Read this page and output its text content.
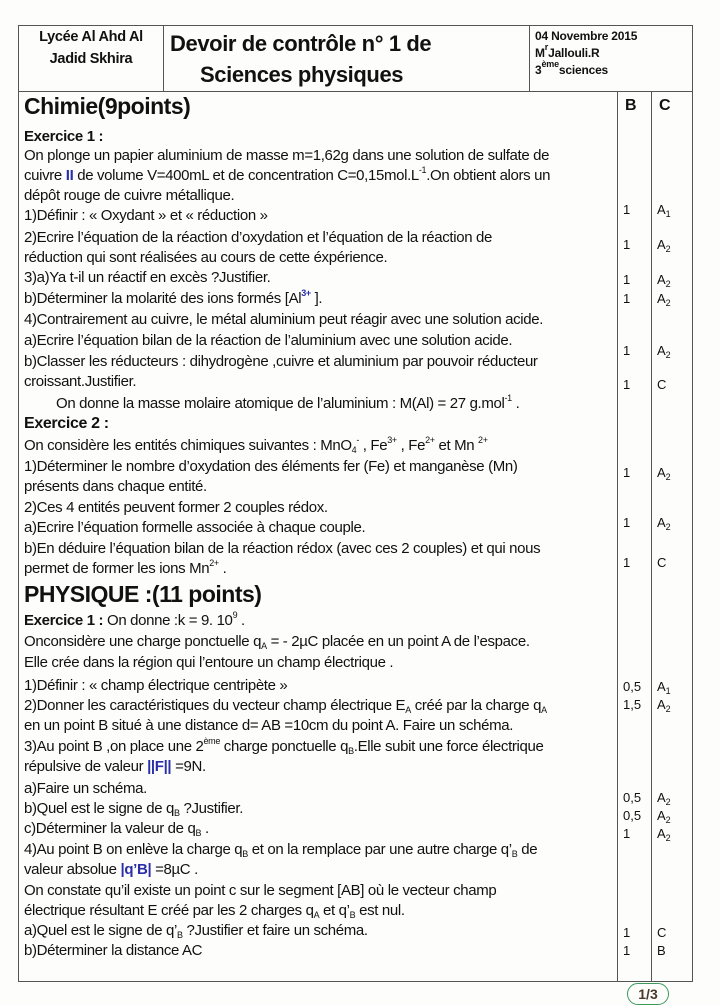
Lycée Al Ahd Al
Jadid Skhira
Devoir de contrôle n° 1 de
Sciences physiques
04 Novembre 2015
$M^rJallouli.R$
3èmesciences
B C
Chimie(9points)
Exercice 1 :
On plonge un papier aluminium de masse m=1,62g dans une solution de sulfate de
cuivre II de volume V=400mL et de concentration $C=0,15mol.L^{-1}.On$ obtient alors un
dépôt rouge de cuivre métallique.
1)Définir : « Oxydant » et « réduction »
2)Ecrire l’équation de la réaction d’oxydation et l’équation de la réaction de
réduction qui sont réalisées au cours de cette éxpérience.
3)a)Ya t-il un réactif en excès ?Justifier.
b)Déterminer la molarité des ions formés [$Al^{3+}$ ].
4)Contrairement au cuivre, le métal aluminium peut réagir avec une solution acide.
a)Ecrire l’équation bilan de la réaction de l’aluminium avec une solution acide.
b)Classer les réducteurs : dihydrogène ,cuivre et aluminium par pouvoir réducteur
croissant.Justifier.
On donne la masse molaire atomique de l’aluminium : M(Al) = 27 g.mol$^{-1}$ .
Exercice 2 :
On considère les entités chimiques suivantes : MnO$_4$- , $Fe^{3+}$ , $Fe^{2+}$ et Mn $^{2+}$
1)Déterminer le nombre d’oxydation des éléments fer (Fe) et manganèse (Mn)
présents dans chaque entité.
2)Ces 4 entités peuvent former 2 couples rédox.
a)Ecrire l’équation formelle associée à chaque couple.
b)En déduire l’équation bilan de la réaction rédox (avec ces 2 couples) et qui nous
permet de former les ions $Mn^{2+}$ .
PHYSIQUE :(11 points)
Exercice 1 : On donne :k = 9. $10^9$ .
Onconsidère une charge ponctuelle $q_A$ = - 2µC placée en un point A de l’espace.
Elle crée dans la région qui l’entoure un champ électrique .
1)Définir : « champ électrique centripète »
2)Donner les caractéristiques du vecteur champ électrique $E_A$ créé par la charge $q_A$
en un point B situé à une distance d= AB =10cm du point A. Faire un schéma.
3)Au point B ,on place une 2ème charge ponctuelle $q_B.Elle$ subit une force électrique
répulsive de valeur ||F|| =9N.
a)Faire un schéma.
b)Quel est le signe de $q_B$ ?Justifier.
c)Déterminer la valeur de $q_B$ .
4)Au point B on enlève la charge $q_B$ et on la remplace par une autre charge $q’_B$ de
valeur absolue |q’B| =8µC .
On constate qu’il existe un point c sur le segment [AB] où le vecteur champ
électrique résultant E créé par les 2 charges $q_A$ et $q’_B$ est nul.
a)Quel est le signe de $q’_B$ ?Justifier et faire un schéma.
b)Déterminer la distance AC
1 $A_1$
1 $A_2$
1 $A_2$
1 $A_2$
1 $A_2$
1 C
1 $A_2$
1 $A_2$
1 C
0,5 $A_1$
1,5 $A_2$
0,5 $A_2$
0,5 $A_2$
1 $A_2$
1 C
1 B
1/3
